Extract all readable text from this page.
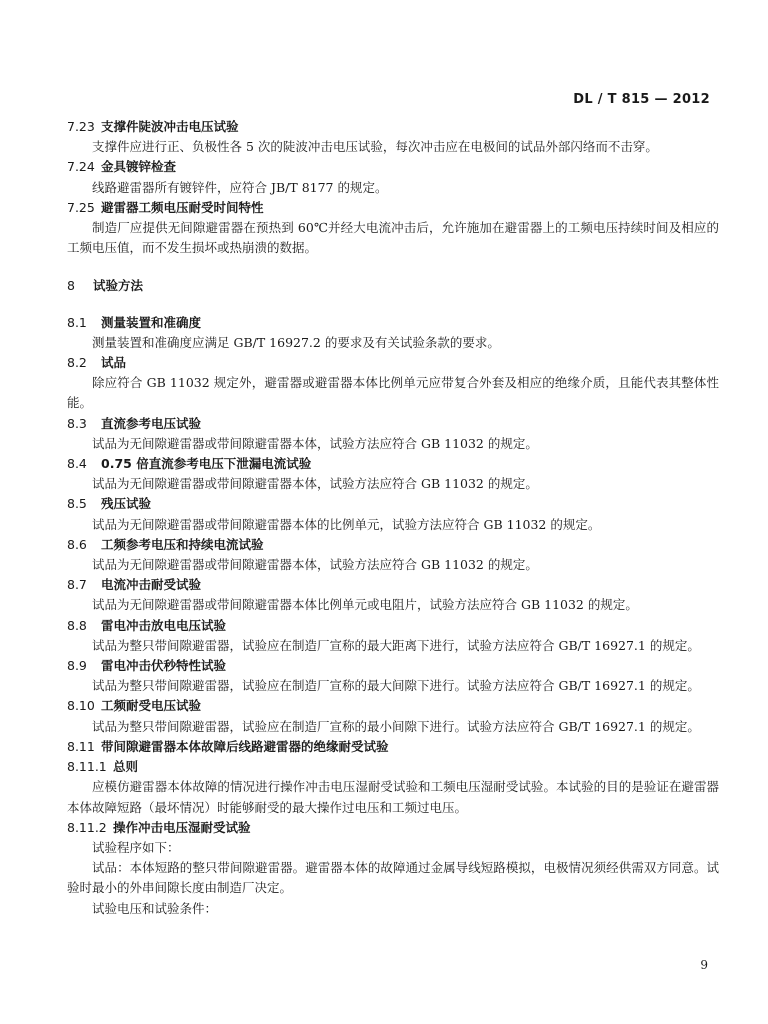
DL / T 815 — 2012
7.23 支撑件陡波冲击电压试验
支撑件应进行正、负极性各 5 次的陡波冲击电压试验，每次冲击应在电极间的试品外部闪络而不击穿。
7.24 金具镀锌检查
线路避雷器所有镀锌件，应符合 JB/T 8177 的规定。
7.25 避雷器工频电压耐受时间特性
制造厂应提供无间隙避雷器在预热到 60℃并经大电流冲击后，允许施加在避雷器上的工频电压持续时间及相应的工频电压值，而不发生损坏或热崩溃的数据。
8 试验方法
8.1 测量装置和准确度
测量装置和准确度应满足 GB/T 16927.2 的要求及有关试验条款的要求。
8.2 试品
除应符合 GB 11032 规定外，避雷器或避雷器本体比例单元应带复合外套及相应的绝缘介质，且能代表其整体性能。
8.3 直流参考电压试验
试品为无间隙避雷器或带间隙避雷器本体，试验方法应符合 GB 11032 的规定。
8.4 0.75 倍直流参考电压下泄漏电流试验
试品为无间隙避雷器或带间隙避雷器本体，试验方法应符合 GB 11032 的规定。
8.5 残压试验
试品为无间隙避雷器或带间隙避雷器本体的比例单元，试验方法应符合 GB 11032 的规定。
8.6 工频参考电压和持续电流试验
试品为无间隙避雷器或带间隙避雷器本体，试验方法应符合 GB 11032 的规定。
8.7 电流冲击耐受试验
试品为无间隙避雷器或带间隙避雷器本体比例单元或电阻片，试验方法应符合 GB 11032 的规定。
8.8 雷电冲击放电电压试验
试品为整只带间隙避雷器，试验应在制造厂宣称的最大距离下进行，试验方法应符合 GB/T 16927.1 的规定。
8.9 雷电冲击伏秒特性试验
试品为整只带间隙避雷器，试验应在制造厂宣称的最大间隙下进行。试验方法应符合 GB/T 16927.1 的规定。
8.10 工频耐受电压试验
试品为整只带间隙避雷器，试验应在制造厂宣称的最小间隙下进行。试验方法应符合 GB/T 16927.1 的规定。
8.11 带间隙避雷器本体故障后线路避雷器的绝缘耐受试验
8.11.1 总则
应模仿避雷器本体故障的情况进行操作冲击电压湿耐受试验和工频电压湿耐受试验。本试验的目的是验证在避雷器本体故障短路（最坏情况）时能够耐受的最大操作过电压和工频过电压。
8.11.2 操作冲击电压湿耐受试验
试验程序如下：
试品：本体短路的整只带间隙避雷器。避雷器本体的故障通过金属导线短路模拟，电极情况须经供需双方同意。试验时最小的外串间隙长度由制造厂决定。
试验电压和试验条件：
9
